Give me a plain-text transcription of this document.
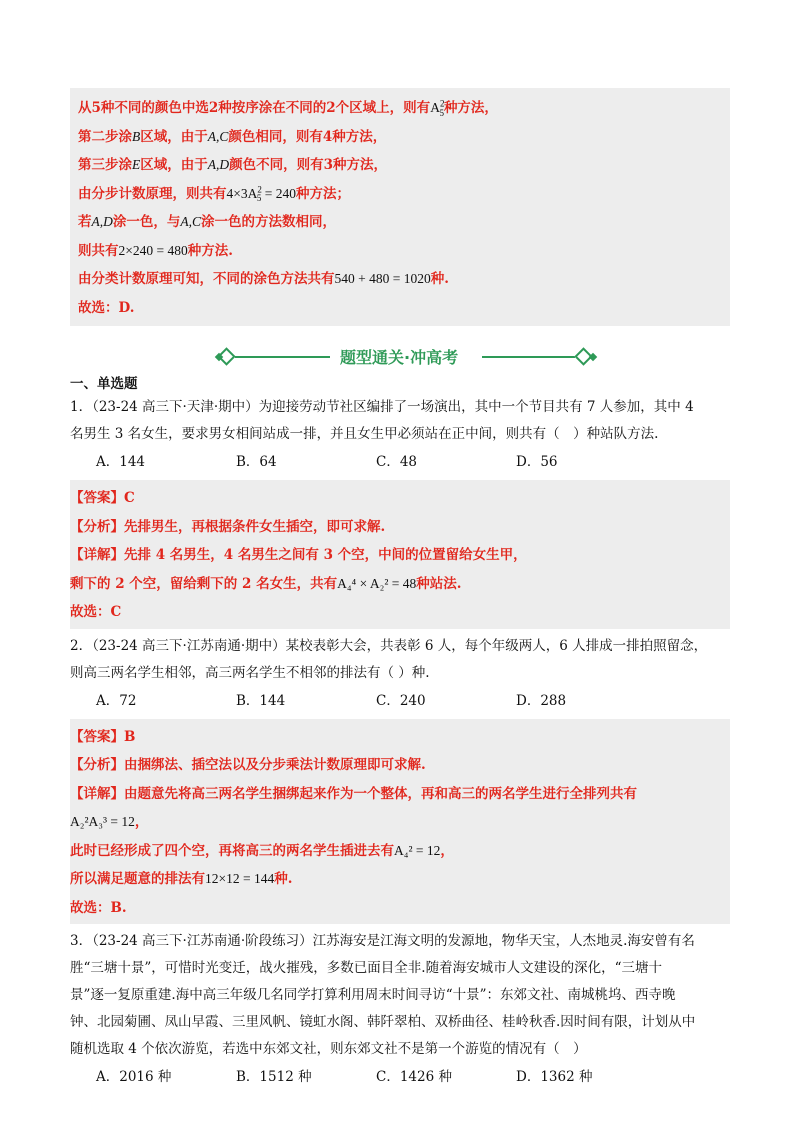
从5种不同的颜色中选2种按序涂在不同的2个区域上，则有$A^2_5$种方法，
第二步涂B区域，由于A,C颜色相同，则有4种方法，
第三步涂E区域，由于A,D颜色不同，则有3种方法，
由分步计数原理，则共有$4\times 3A^2_5 = 240$种方法；
若A,D涂一色，与A,C涂一色的方法数相同，
则共有2×240 = 480种方法.
由分类计数原理可知，不同的涂色方法共有540 + 480 = 1020种.
故选：D.
题型通关·冲高考
一、单选题
1．（23-24 高三下·天津·期中）为迎接劳动节社区编排了一场演出，其中一个节目共有 7 人参加，其中 4
名男生 3 名女生，要求男女相间站成一排，并且女生甲必须站在正中间，则共有（　）种站队方法.
A．144	B．64	C．48	D．56
【答案】C
【分析】先排男生，再根据条件女生插空，即可求解.
【详解】先排 4 名男生，4 名男生之间有 3 个空，中间的位置留给女生甲，
剩下的 2 个空，留给剩下的 2 名女生，共有A₄⁴ × A₂² = 48种站法.
故选：C
2．（23-24 高三下·江苏南通·期中）某校表彰大会，共表彰 6 人，每个年级两人，6 人排成一排拍照留念，
则高三两名学生相邻，高三两名学生不相邻的排法有（ ）种.
A．72	B．144	C．240	D．288
【答案】B
【分析】由捆绑法、插空法以及分步乘法计数原理即可求解.
【详解】由题意先将高三两名学生捆绑起来作为一个整体，再和高三的两名学生进行全排列共有
A₂²A₃³ = 12，
此时已经形成了四个空，再将高三的两名学生插进去有A₄² = 12，
所以满足题意的排法有12×12 = 144种.
故选：B.
3．（23-24 高三下·江苏南通·阶段练习）江苏海安是江海文明的发源地，物华天宝，人杰地灵.海安曾有名
胜“三塘十景”，可惜时光变迁，战火摧残，多数已面目全非.随着海安城市人文建设的深化，“三塘十
景”逐一复原重建.海中高三年级几名同学打算利用周末时间寻访“十景”：东郊文社、南城桃坞、西寺晚
钟、北园菊圃、凤山早霞、三里风帆、镜虹水阁、韩阡翠柏、双桥曲径、桂岭秋香.因时间有限，计划从中
随机选取 4 个依次游览，若选中东郊文社，则东郊文社不是第一个游览的情况有（　）
A．2016 种	B．1512 种	C．1426 种	D．1362 种
